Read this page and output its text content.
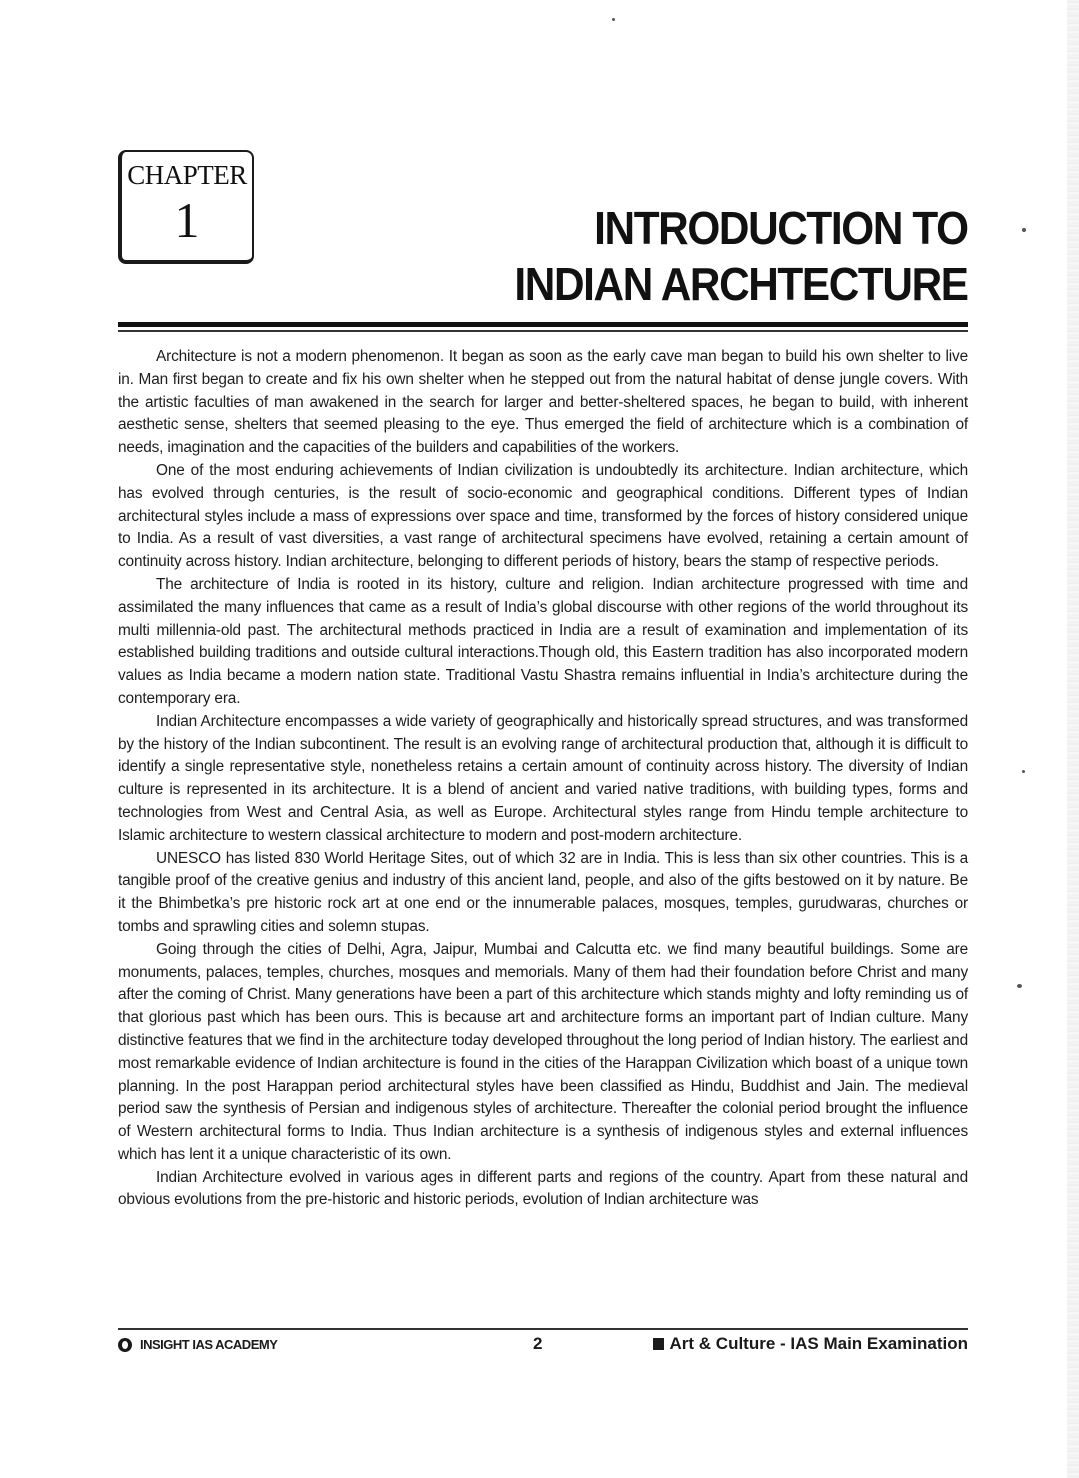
CHAPTER
1	INTRODUCTION TO
INDIAN ARCHTECTURE

Architecture is not a modern phenomenon. It began as soon as the early cave man began to build his own shelter to live in. Man first began to create and fix his own shelter when he stepped out from the natural habitat of dense jungle covers. With the artistic faculties of man awakened in the search for larger and better-sheltered spaces, he began to build, with inherent aesthetic sense, shelters that seemed pleasing to the eye. Thus emerged the field of architecture which is a combination of needs, imagination and the capacities of the builders and capabilities of the workers.

One of the most enduring achievements of Indian civilization is undoubtedly its architecture. Indian architecture, which has evolved through centuries, is the result of socio-economic and geographical conditions. Different types of Indian architectural styles include a mass of expressions over space and time, transformed by the forces of history considered unique to India. As a result of vast diversities, a vast range of architectural specimens have evolved, retaining a certain amount of continuity across history. Indian architecture, belonging to different periods of history, bears the stamp of respective periods.

The architecture of India is rooted in its history, culture and religion. Indian architecture progressed with time and assimilated the many influences that came as a result of India’s global discourse with other regions of the world throughout its multi millennia-old past. The architectural methods practiced in India are a result of examination and implementation of its established building traditions and outside cultural interactions.Though old, this Eastern tradition has also incorporated modern values as India became a modern nation state. Traditional Vastu Shastra remains influential in India’s architecture during the contemporary era.

Indian Architecture encompasses a wide variety of geographically and historically spread structures, and was transformed by the history of the Indian subcontinent. The result is an evolving range of architectural production that, although it is difficult to identify a single representative style, nonetheless retains a certain amount of continuity across history. The diversity of Indian culture is represented in its architecture. It is a blend of ancient and varied native traditions, with building types, forms and technologies from West and Central Asia, as well as Europe. Architectural styles range from Hindu temple architecture to Islamic architecture to western classical architecture to modern and post-modern architecture.

UNESCO has listed 830 World Heritage Sites, out of which 32 are in India. This is less than six other countries. This is a tangible proof of the creative genius and industry of this ancient land, people, and also of the gifts bestowed on it by nature. Be it the Bhimbetka’s pre historic rock art at one end or the innumerable palaces, mosques, temples, gurudwaras, churches or tombs and sprawling cities and solemn stupas.

Going through the cities of Delhi, Agra, Jaipur, Mumbai and Calcutta etc. we find many beautiful buildings. Some are monuments, palaces, temples, churches, mosques and memorials. Many of them had their foundation before Christ and many after the coming of Christ. Many generations have been a part of this architecture which stands mighty and lofty reminding us of that glorious past which has been ours. This is because art and architecture forms an important part of Indian culture. Many distinctive features that we find in the architecture today developed throughout the long period of Indian history. The earliest and most remarkable evidence of Indian architecture is found in the cities of the Harappan Civilization which boast of a unique town planning. In the post Harappan period architectural styles have been classified as Hindu, Buddhist and Jain. The medieval period saw the synthesis of Persian and indigenous styles of architecture. Thereafter the colonial period brought the influence of Western architectural forms to India. Thus Indian architecture is a synthesis of indigenous styles and external influences which has lent it a unique characteristic of its own.

Indian Architecture evolved in various ages in different parts and regions of the country. Apart from these natural and obvious evolutions from the pre-historic and historic periods, evolution of Indian architecture was

INSIGHT IAS ACADEMY	2	Art & Culture - IAS Main Examination
